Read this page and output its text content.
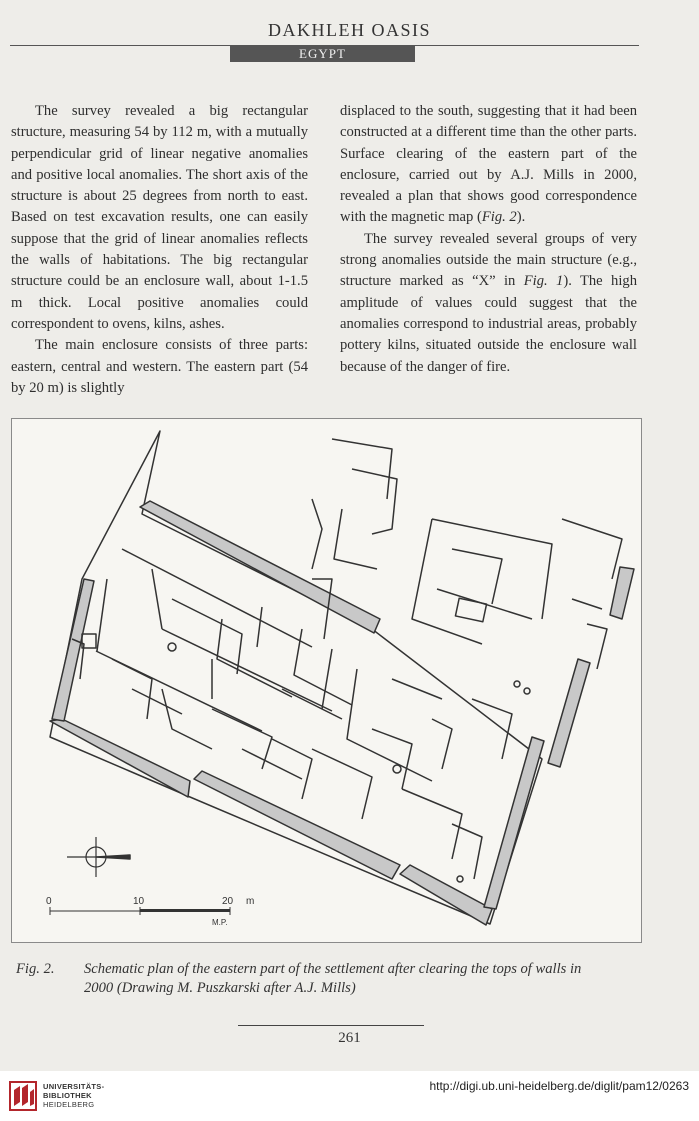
DAKHLEH OASIS
EGYPT

The survey revealed a big rectangular structure, measuring 54 by 112 m, with a mutually perpendicular grid of linear negative anomalies and positive local anomalies. The short axis of the structure is about 25 degrees from north to east. Based on test excavation results, one can easily suppose that the grid of linear anomalies reflects the walls of habitations. The big rectangular structure could be an enclosure wall, about 1-1.5 m thick. Local positive anomalies could correspondent to ovens, kilns, ashes.

The main enclosure consists of three parts: eastern, central and western. The eastern part (54 by 20 m) is slightly

displaced to the south, suggesting that it had been constructed at a different time than the other parts. Surface clearing of the eastern part of the enclosure, carried out by A.J. Mills in 2000, revealed a plan that shows good correspondence with the magnetic map (Fig. 2).

The survey revealed several groups of very strong anomalies outside the main structure (e.g., structure marked as “X” in Fig. 1). The high amplitude of values could suggest that the anomalies correspond to industrial areas, probably pottery kilns, situated outside the enclosure wall because of the danger of fire.

0	10	20 m
M.P.
Fig. 2. Schematic plan of the eastern part of the settlement after clearing the tops of walls in
2000 (Drawing M. Puszkarski after A.J. Mills)
261
UNIVERSITÄTS-
BIBLIOTHEK
HEIDELBERG
http://digi.ub.uni-heidelberg.de/diglit/pam12/0263
